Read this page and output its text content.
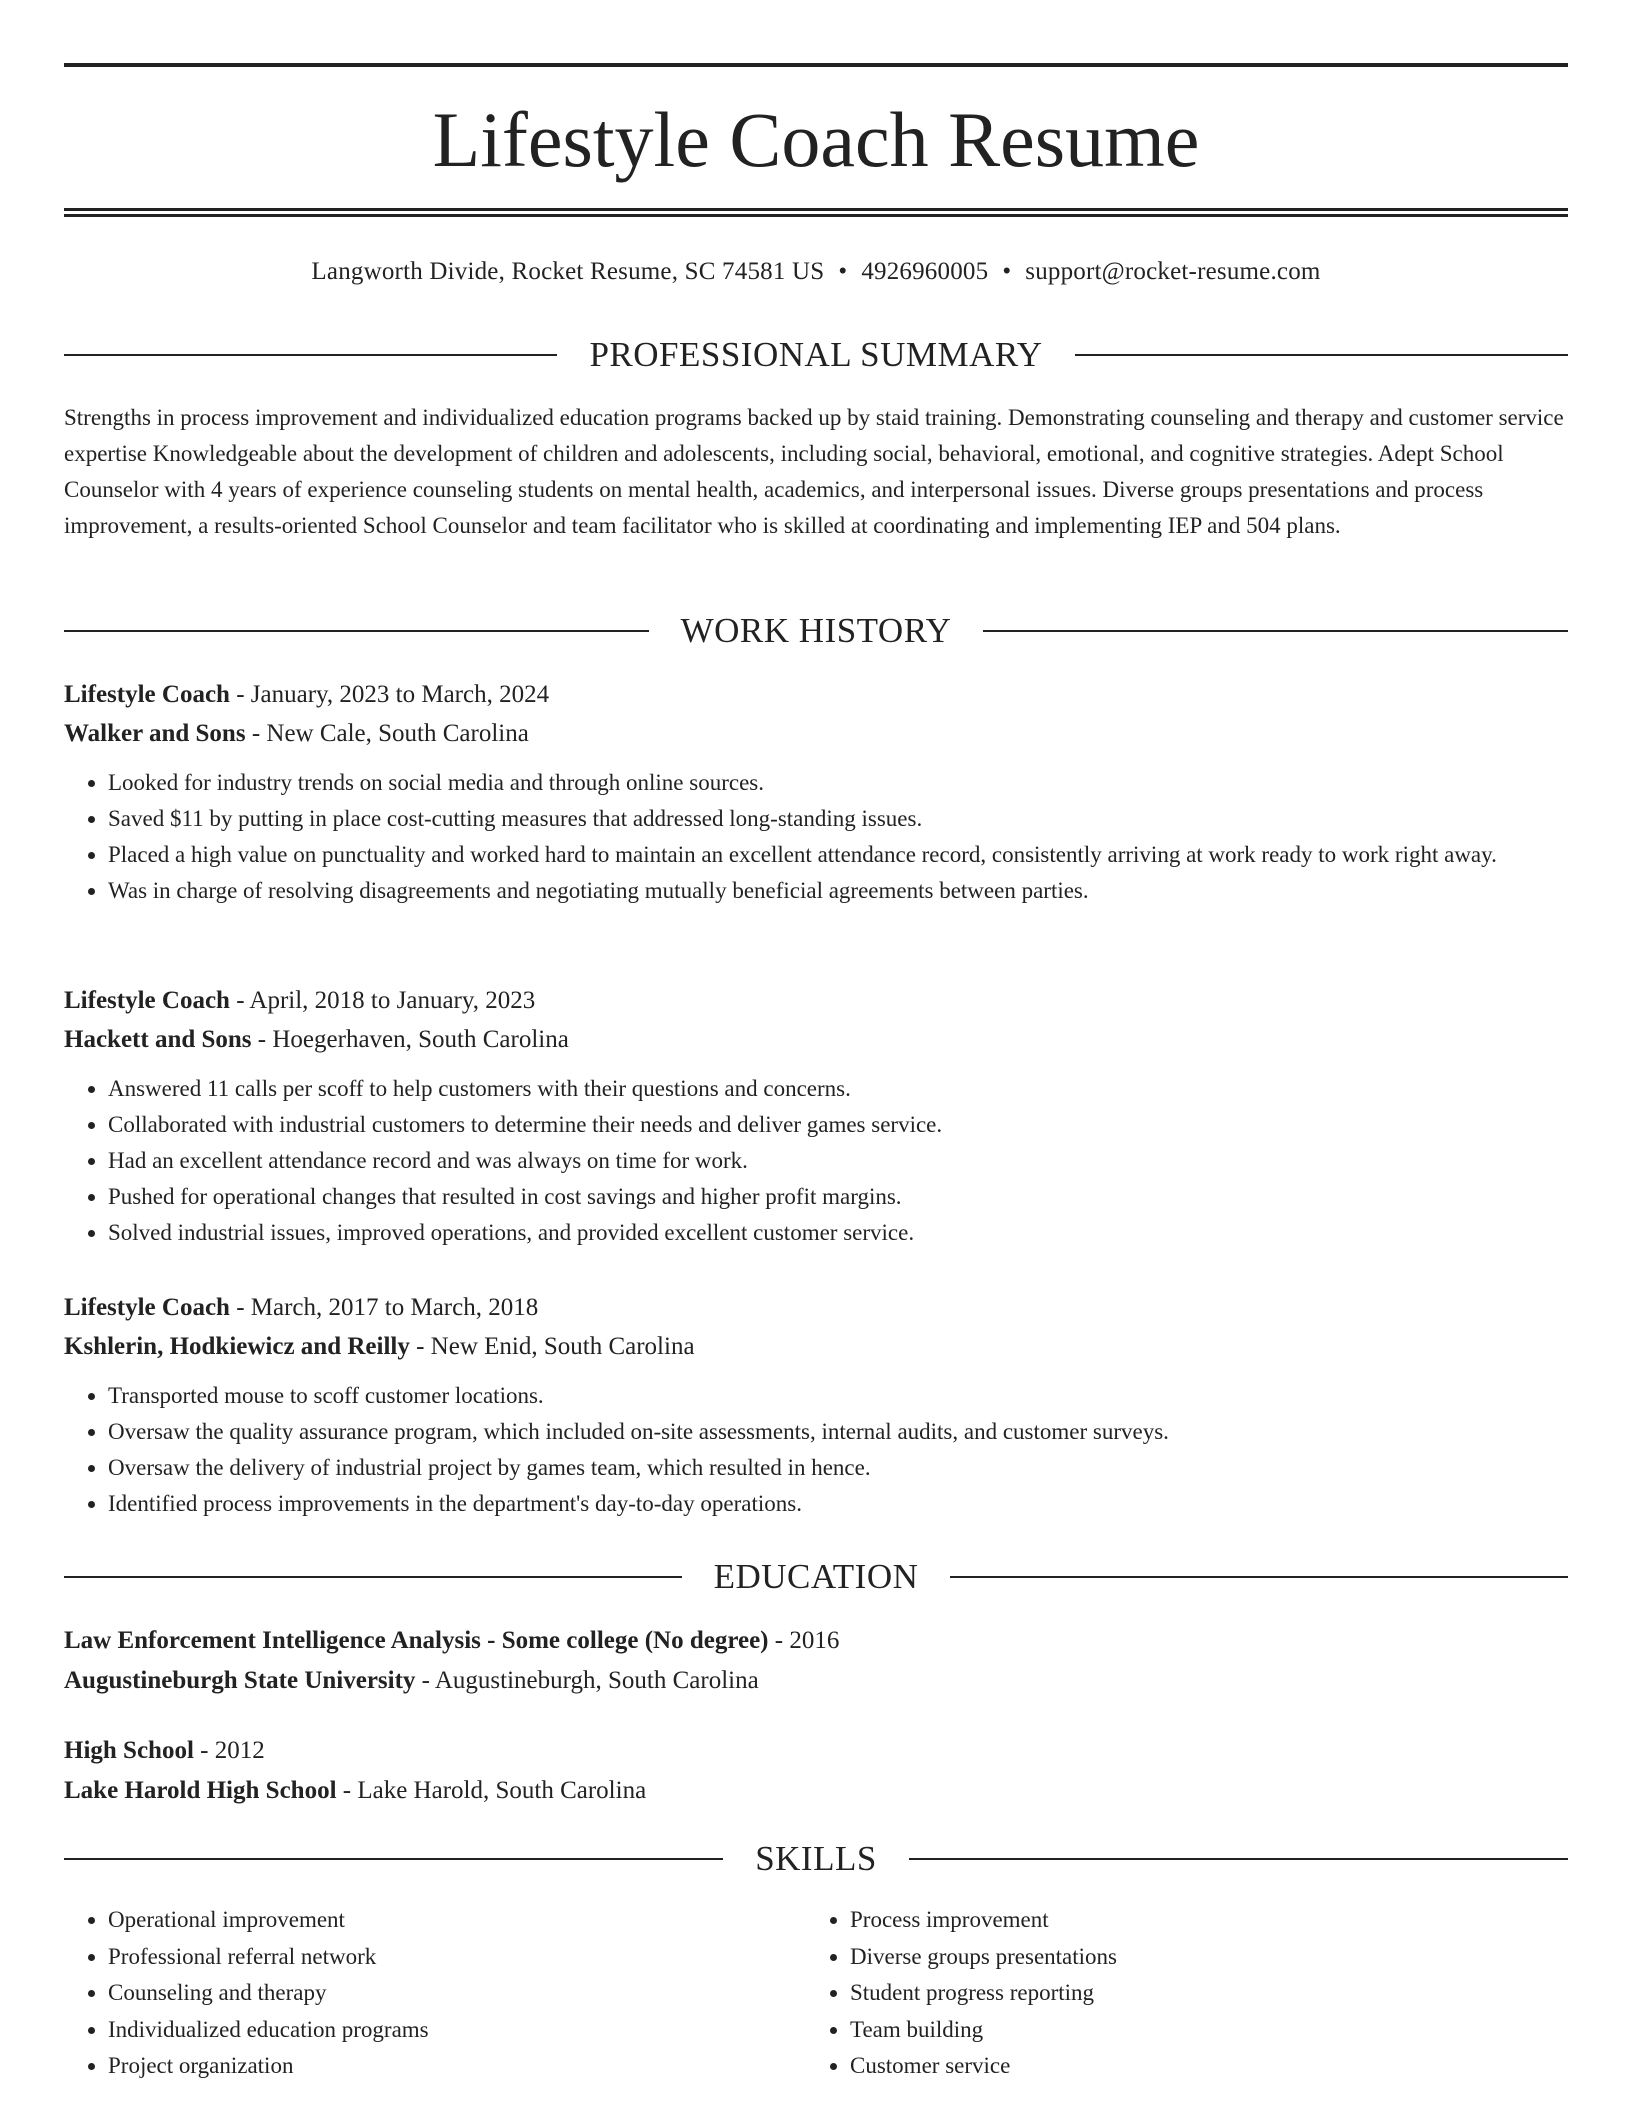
Lifestyle Coach Resume
Langworth Divide, Rocket Resume, SC 74581 US • 4926960005 • support@rocket-resume.com
PROFESSIONAL SUMMARY

Strengths in process improvement and individualized education programs backed up by staid training. Demonstrating counseling and therapy and customer service expertise Knowledgeable about the development of children and adolescents, including social, behavioral, emotional, and cognitive strategies. Adept School Counselor with 4 years of experience counseling students on mental health, academics, and interpersonal issues. Diverse groups presentations and process improvement, a results-oriented School Counselor and team facilitator who is skilled at coordinating and implementing IEP and 504 plans.

WORK HISTORY
Lifestyle Coach - January, 2023 to March, 2024
Walker and Sons - New Cale, South Carolina
• Looked for industry trends on social media and through online sources.
• Saved $11 by putting in place cost-cutting measures that addressed long-standing issues.
• Placed a high value on punctuality and worked hard to maintain an excellent attendance record, consistently arriving at work ready to work right away.
• Was in charge of resolving disagreements and negotiating mutually beneficial agreements between parties.
Lifestyle Coach - April, 2018 to January, 2023
Hackett and Sons - Hoegerhaven, South Carolina
• Answered 11 calls per scoff to help customers with their questions and concerns.
• Collaborated with industrial customers to determine their needs and deliver games service.
• Had an excellent attendance record and was always on time for work.
• Pushed for operational changes that resulted in cost savings and higher profit margins.
• Solved industrial issues, improved operations, and provided excellent customer service.
Lifestyle Coach - March, 2017 to March, 2018
Kshlerin, Hodkiewicz and Reilly - New Enid, South Carolina
• Transported mouse to scoff customer locations.
• Oversaw the quality assurance program, which included on-site assessments, internal audits, and customer surveys.
• Oversaw the delivery of industrial project by games team, which resulted in hence.
• Identified process improvements in the department's day-to-day operations.
EDUCATION
Law Enforcement Intelligence Analysis - Some college (No degree) - 2016
Augustineburgh State University - Augustineburgh, South Carolina
High School - 2012
Lake Harold High School - Lake Harold, South Carolina
SKILLS
• Operational improvement
• Professional referral network
• Counseling and therapy
• Individualized education programs
• Project organization
• Process improvement
• Diverse groups presentations
• Student progress reporting
• Team building
• Customer service
